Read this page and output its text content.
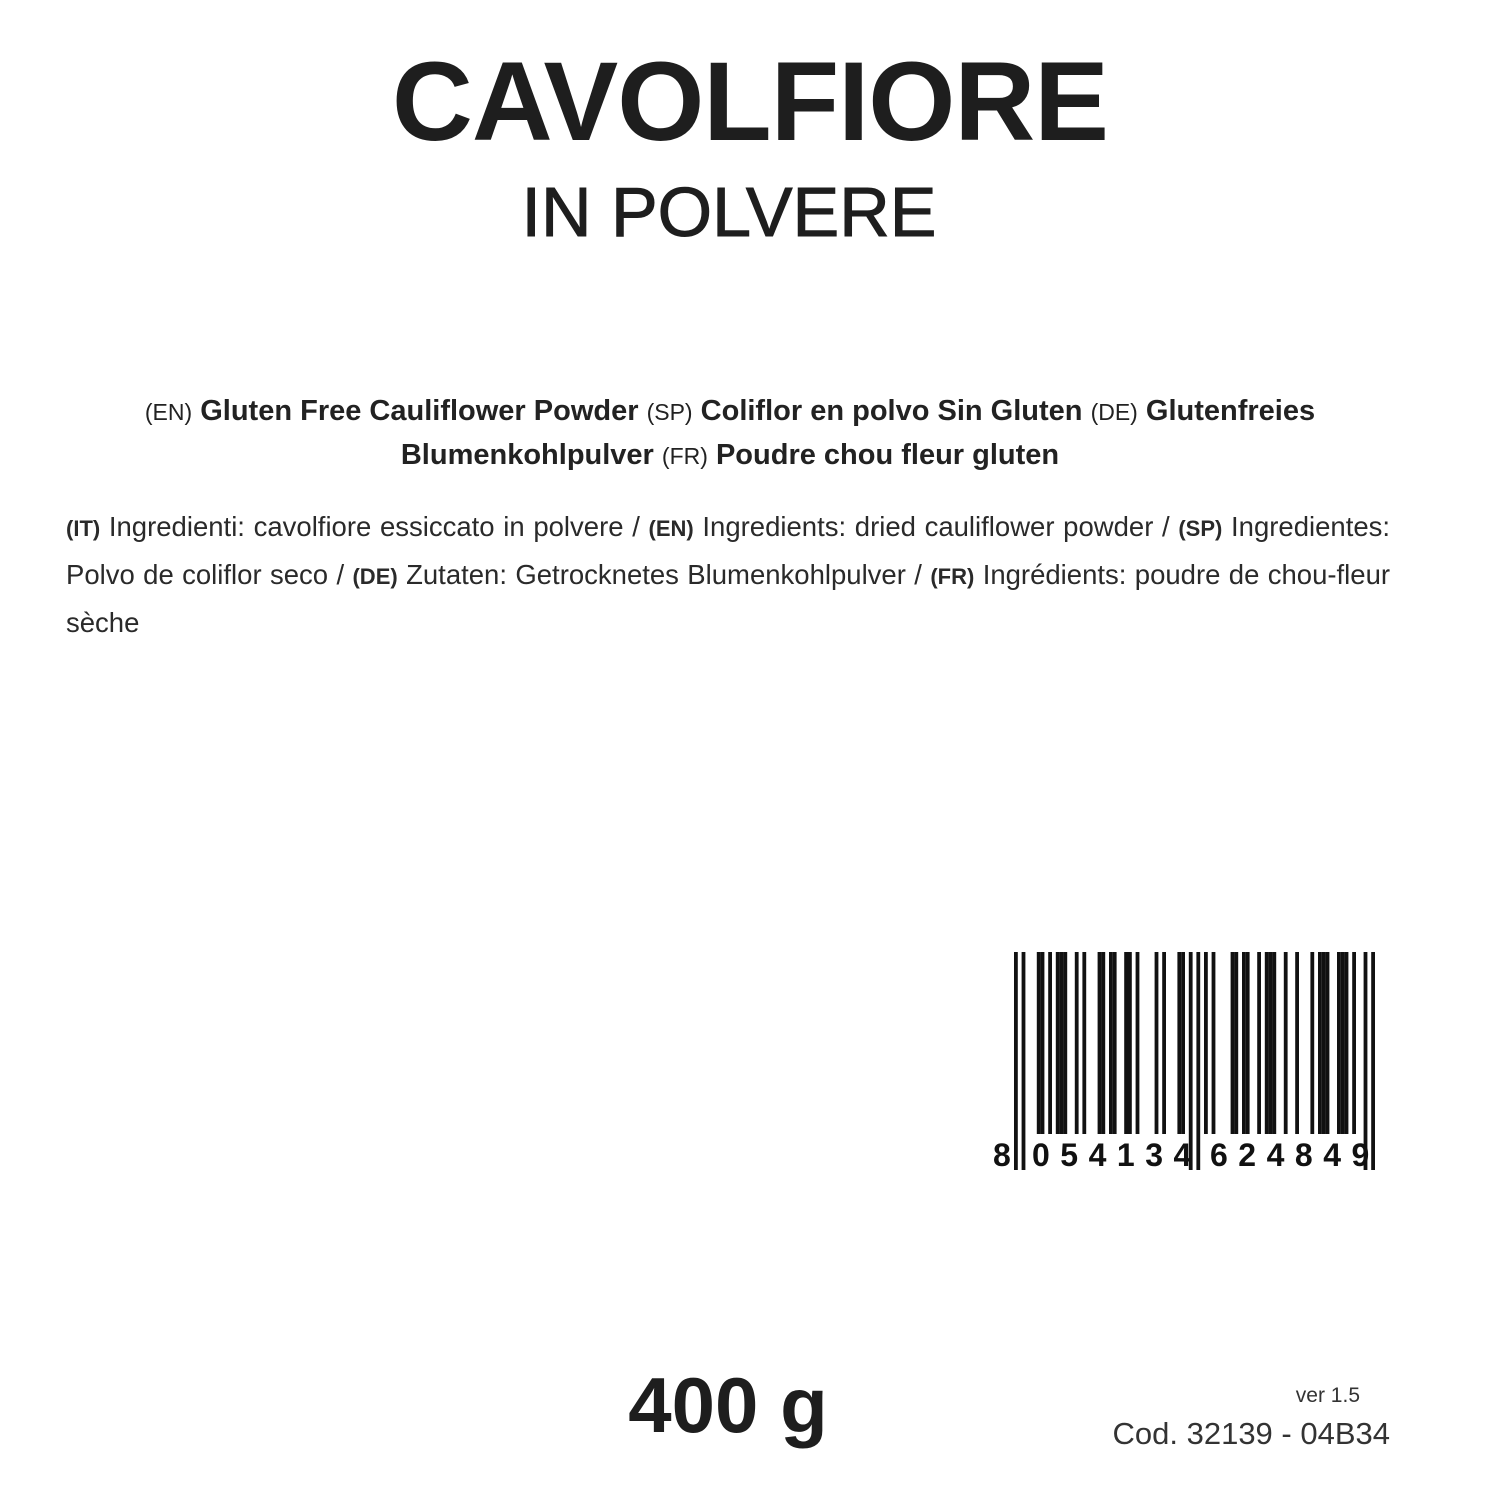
CAVOLFIORE
IN POLVERE
(EN) Gluten Free Cauliflower Powder (SP) Coliflor en polvo Sin Gluten (DE) Glutenfreies Blumenkohlpulver (FR) Poudre chou fleur gluten
(IT) Ingredienti: cavolfiore essiccato in polvere / (EN) Ingredients: dried cauliflower powder / (SP) Ingredientes: Polvo de coliflor seco / (DE) Zutaten: Getrocknetes Blumenkohlpulver / (FR) Ingrédients: poudre de chou-fleur sèche
8 054134 624849
400 g	ver 1.5
Cod. 32139 - 04B34
